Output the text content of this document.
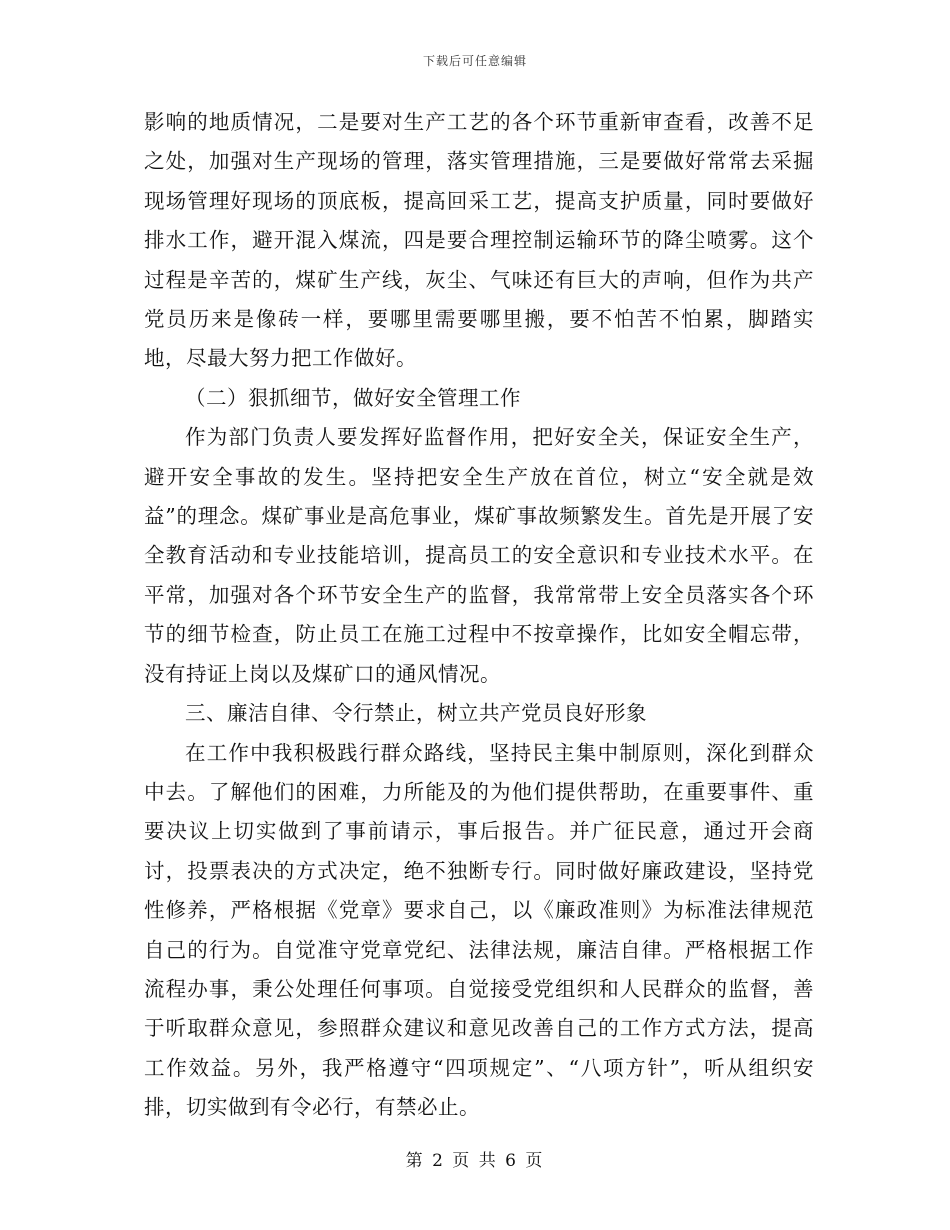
下载后可任意编辑

影响的地质情况，二是要对生产工艺的各个环节重新审查看，改善不足之处，加强对生产现场的管理，落实管理措施，三是要做好常常去采掘现场管理好现场的顶底板，提高回采工艺，提高支护质量，同时要做好排水工作，避开混入煤流，四是要合理控制运输环节的降尘喷雾。这个过程是辛苦的，煤矿生产线，灰尘、气味还有巨大的声响，但作为共产党员历来是像砖一样，要哪里需要哪里搬，要不怕苦不怕累，脚踏实地，尽最大努力把工作做好。

（二）狠抓细节，做好安全管理工作

作为部门负责人要发挥好监督作用，把好安全关，保证安全生产，避开安全事故的发生。坚持把安全生产放在首位，树立“安全就是效益”的理念。煤矿事业是高危事业，煤矿事故频繁发生。首先是开展了安全教育活动和专业技能培训，提高员工的安全意识和专业技术水平。在平常，加强对各个环节安全生产的监督，我常常带上安全员落实各个环节的细节检查，防止员工在施工过程中不按章操作，比如安全帽忘带，没有持证上岗以及煤矿口的通风情况。

三、廉洁自律、令行禁止，树立共产党员良好形象

在工作中我积极践行群众路线，坚持民主集中制原则，深化到群众中去。了解他们的困难，力所能及的为他们提供帮助，在重要事件、重要决议上切实做到了事前请示，事后报告。并广征民意，通过开会商讨，投票表决的方式决定，绝不独断专行。同时做好廉政建设，坚持党性修养，严格根据《党章》要求自己，以《廉政准则》为标准法律规范自己的行为。自觉准守党章党纪、法律法规，廉洁自律。严格根据工作流程办事，秉公处理任何事项。自觉接受党组织和人民群众的监督，善于听取群众意见，参照群众建议和意见改善自己的工作方式方法，提高工作效益。另外，我严格遵守“四项规定”、“八项方针”，听从组织安排，切实做到有令必行，有禁必止。

第 2 页 共 6 页
